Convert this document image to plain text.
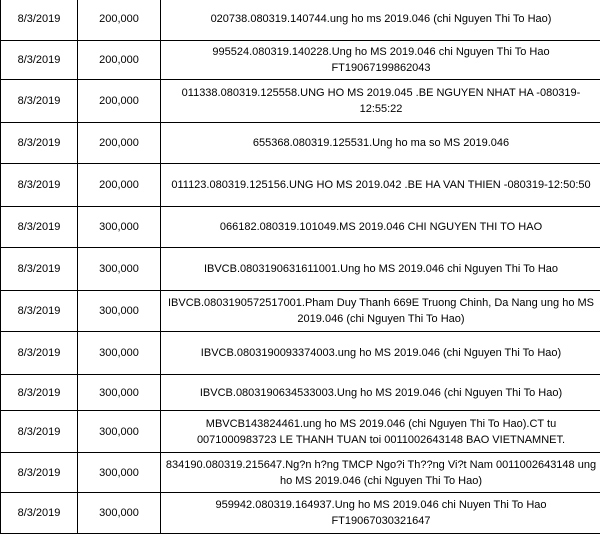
8/3/2019	200,000	020738.080319.140744.ung ho ms 2019.046 (chi Nguyen Thi To Hao)
8/3/2019	200,000	995524.080319.140228.Ung ho MS 2019.046 chi Nguyen Thi To Hao FT19067199862043
8/3/2019	200,000	011338.080319.125558.UNG HO MS 2019.045 .BE NGUYEN NHAT HA -080319-12:55:22
8/3/2019	200,000	655368.080319.125531.Ung ho ma so MS 2019.046
8/3/2019	200,000	011123.080319.125156.UNG HO MS 2019.042 .BE HA VAN THIEN -080319-12:50:50
8/3/2019	300,000	066182.080319.101049.MS 2019.046 CHI NGUYEN THI TO HAO
8/3/2019	300,000	IBVCB.0803190631611001.Ung ho MS 2019.046 chi Nguyen Thi To Hao
8/3/2019	300,000	IBVCB.0803190572517001.Pham Duy Thanh 669E Truong Chinh, Da Nang ung ho MS 2019.046 (chi Nguyen Thi To Hao)
8/3/2019	300,000	IBVCB.0803190093374003.ung ho MS 2019.046 (chi Nguyen Thi To Hao)
8/3/2019	300,000	IBVCB.0803190634533003.Ung ho MS 2019.046 (chi Nguyen Thi To Hao)
8/3/2019	300,000	MBVCB143824461.ung ho MS 2019.046 (chi Nguyen Thi To Hao).CT tu 0071000983723 LE THANH TUAN toi 0011002643148 BAO VIETNAMNET.
8/3/2019	300,000	834190.080319.215647.Ng?n h?ng TMCP Ngo?i Th??ng Vi?t Nam 0011002643148 ung ho MS 2019.046 (chi Nguyen Thi To Hao)
8/3/2019	300,000	959942.080319.164937.Ung ho MS 2019.046 chi Nuyen Thi To Hao FT19067030321647
